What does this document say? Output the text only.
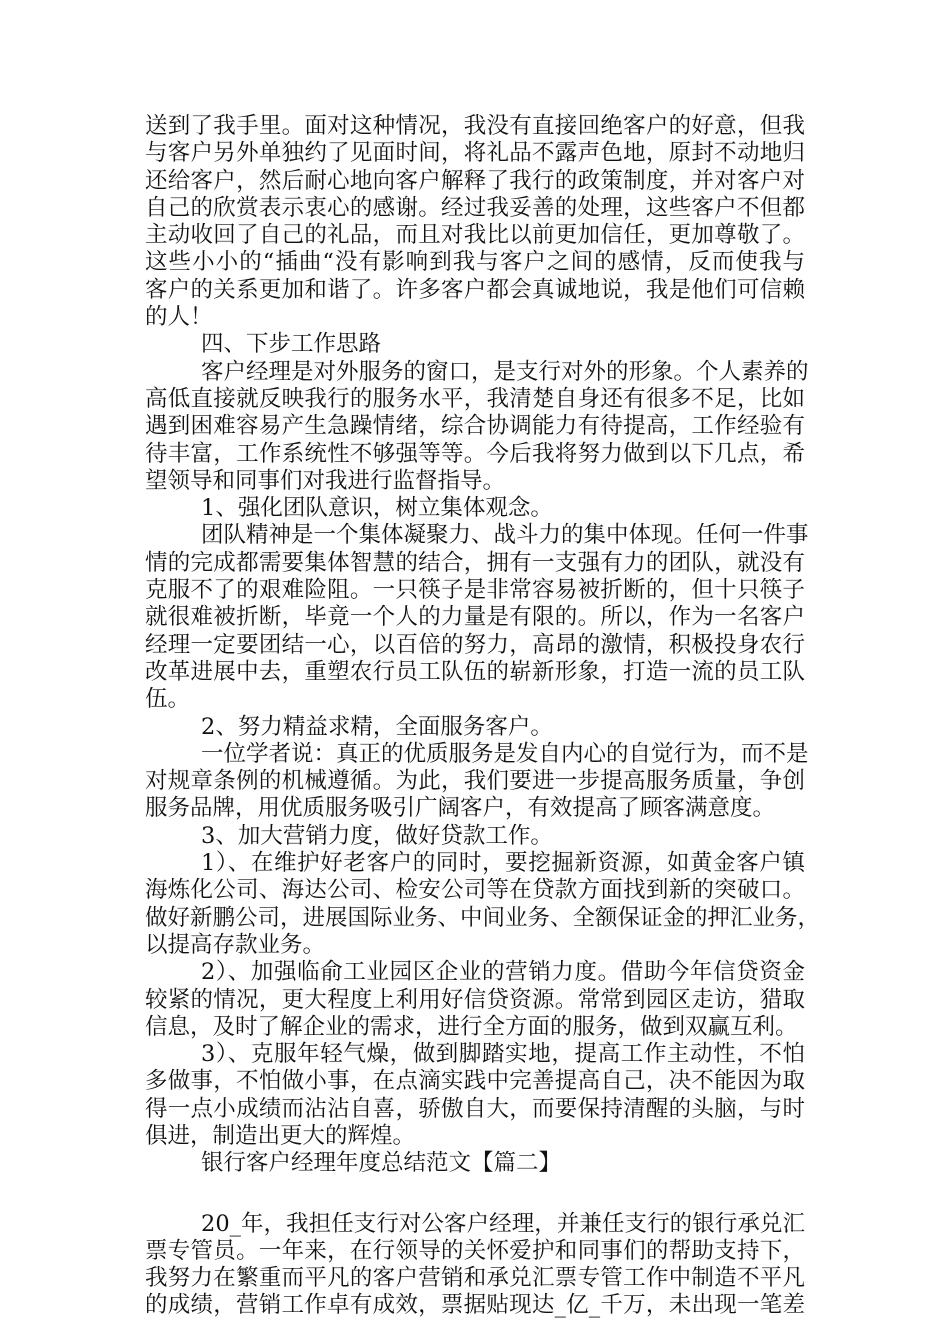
送到了我手里。面对这种情况，我没有直接回绝客户的好意，但我
与客户另外单独约了见面时间，将礼品不露声色地，原封不动地归
还给客户，然后耐心地向客户解释了我行的政策制度，并对客户对
自己的欣赏表示衷心的感谢。经过我妥善的处理，这些客户不但都
主动收回了自己的礼品，而且对我比以前更加信任，更加尊敬了。
这些小小的“插曲“没有影响到我与客户之间的感情，反而使我与
客户的关系更加和谐了。许多客户都会真诚地说，我是他们可信赖
的人！
四、下步工作思路
客户经理是对外服务的窗口，是支行对外的形象。个人素养的
高低直接就反映我行的服务水平，我清楚自身还有很多不足，比如
遇到困难容易产生急躁情绪，综合协调能力有待提高，工作经验有
待丰富，工作系统性不够强等等。今后我将努力做到以下几点，希
望领导和同事们对我进行监督指导。
1、强化团队意识，树立集体观念。
团队精神是一个集体凝聚力、战斗力的集中体现。任何一件事
情的完成都需要集体智慧的结合，拥有一支强有力的团队，就没有
克服不了的艰难险阻。一只筷子是非常容易被折断的，但十只筷子
就很难被折断，毕竟一个人的力量是有限的。所以，作为一名客户
经理一定要团结一心，以百倍的努力，高昂的激情，积极投身农行
改革进展中去，重塑农行员工队伍的崭新形象，打造一流的员工队
伍。
2、努力精益求精，全面服务客户。
一位学者说：真正的优质服务是发自内心的自觉行为，而不是
对规章条例的机械遵循。为此，我们要进一步提高服务质量，争创
服务品牌，用优质服务吸引广阔客户，有效提高了顾客满意度。
3、加大营销力度，做好贷款工作。
1）、在维护好老客户的同时，要挖掘新资源，如黄金客户镇
海炼化公司、海达公司、检安公司等在贷款方面找到新的突破口。
做好新鹏公司，进展国际业务、中间业务、全额保证金的押汇业务，
以提高存款业务。
2）、加强临俞工业园区企业的营销力度。借助今年信贷资金
较紧的情况，更大程度上利用好信贷资源。常常到园区走访，猎取
信息，及时了解企业的需求，进行全方面的服务，做到双赢互利。
3）、克服年轻气燥，做到脚踏实地，提高工作主动性，不怕
多做事，不怕做小事，在点滴实践中完善提高自己，决不能因为取
得一点小成绩而沾沾自喜，骄傲自大，而要保持清醒的头脑，与时
俱进，制造出更大的辉煌。
银行客户经理年度总结范文【篇二】
20_年，我担任支行对公客户经理，并兼任支行的银行承兑汇
票专管员。一年来，在行领导的关怀爱护和同事们的帮助支持下，
我努力在繁重而平凡的客户营销和承兑汇票专管工作中制造不平凡
的成绩，营销工作卓有成效，票据贴现达_亿_千万，未出现一笔差
